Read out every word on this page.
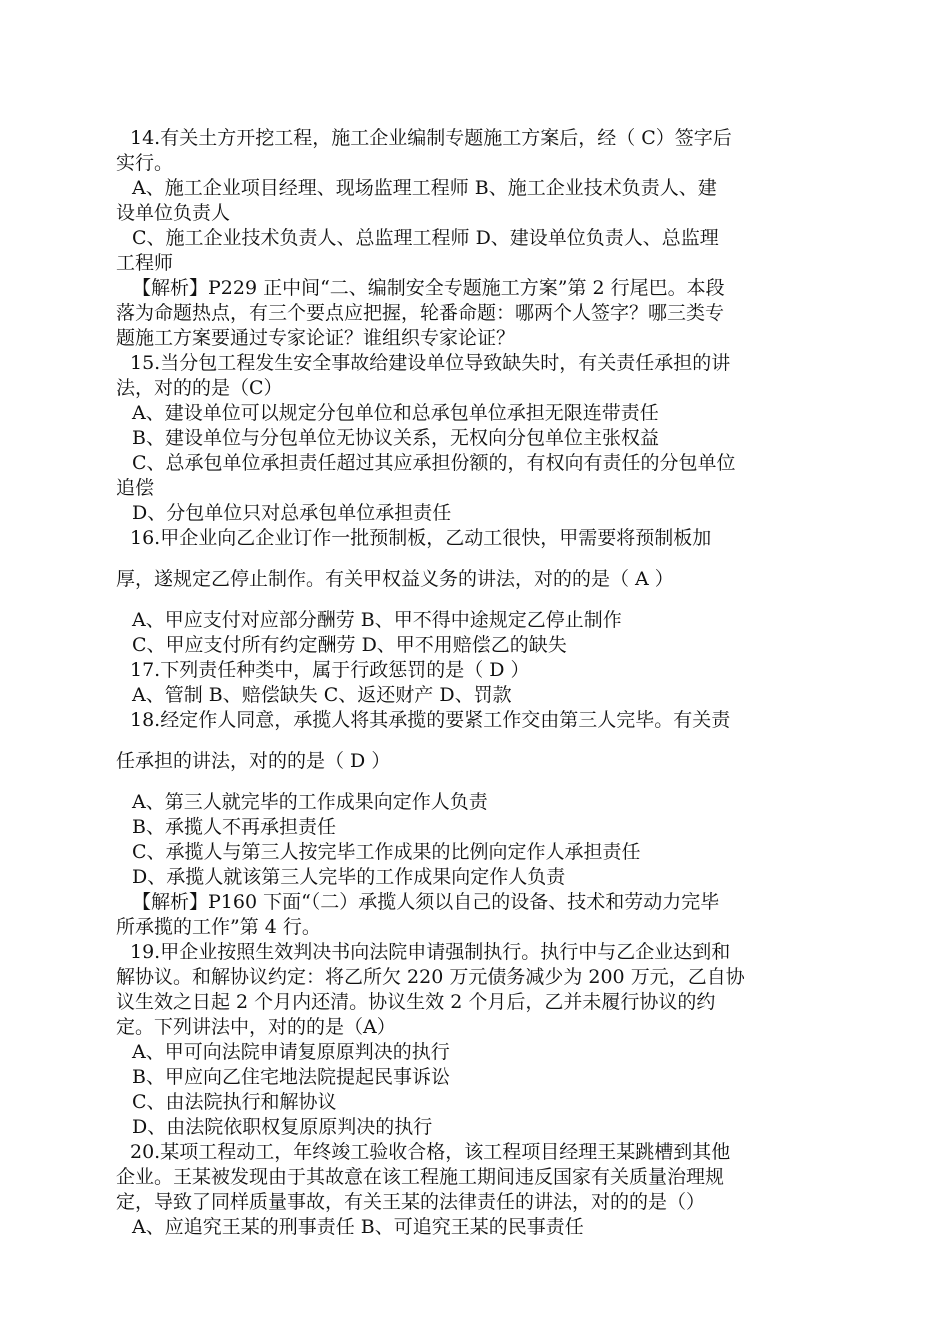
14.有关土方开挖工程，施工企业编制专题施工方案后，经（ C）签字后
实行。
A、施工企业项目经理、现场监理工程师 B、施工企业技术负责人、建
设单位负责人
C、施工企业技术负责人、总监理工程师 D、建设单位负责人、总监理
工程师
【解析】P229 正中间“二、编制安全专题施工方案”第 2 行尾巴。本段
落为命题热点，有三个要点应把握，轮番命题：哪两个人签字？哪三类专
题施工方案要通过专家论证？谁组织专家论证？
15.当分包工程发生安全事故给建设单位导致缺失时，有关责任承担的讲
法，对的的是（C）
A、建设单位可以规定分包单位和总承包单位承担无限连带责任
B、建设单位与分包单位无协议关系，无权向分包单位主张权益
C、总承包单位承担责任超过其应承担份额的，有权向有责任的分包单位
追偿
D、分包单位只对总承包单位承担责任
16.甲企业向乙企业订作一批预制板，乙动工很快，甲需要将预制板加
厚，遂规定乙停止制作。有关甲权益义务的讲法，对的的是（ A ）
A、甲应支付对应部分酬劳 B、甲不得中途规定乙停止制作
C、甲应支付所有约定酬劳 D、甲不用赔偿乙的缺失
17.下列责任种类中，属于行政惩罚的是（ D ）
A、管制 B、赔偿缺失 C、返还财产 D、罚款
18.经定作人同意，承揽人将其承揽的要紧工作交由第三人完毕。有关责
任承担的讲法，对的的是（ D ）
A、第三人就完毕的工作成果向定作人负责
B、承揽人不再承担责任
C、承揽人与第三人按完毕工作成果的比例向定作人承担责任
D、承揽人就该第三人完毕的工作成果向定作人负责
【解析】P160 下面“（二）承揽人须以自己的设备、技术和劳动力完毕
所承揽的工作”第 4 行。
19.甲企业按照生效判决书向法院申请强制执行。执行中与乙企业达到和
解协议。和解协议约定：将乙所欠 220 万元债务减少为 200 万元，乙自协
议生效之日起 2 个月内还清。协议生效 2 个月后，乙并未履行协议的约
定。下列讲法中，对的的是（A）
A、甲可向法院申请复原原判决的执行
B、甲应向乙住宅地法院提起民事诉讼
C、由法院执行和解协议
D、由法院依职权复原原判决的执行
20.某项工程动工，年终竣工验收合格，该工程项目经理王某跳槽到其他
企业。王某被发现由于其故意在该工程施工期间违反国家有关质量治理规
定，导致了同样质量事故，有关王某的法律责任的讲法，对的的是（）
A、应追究王某的刑事责任 B、可追究王某的民事责任
